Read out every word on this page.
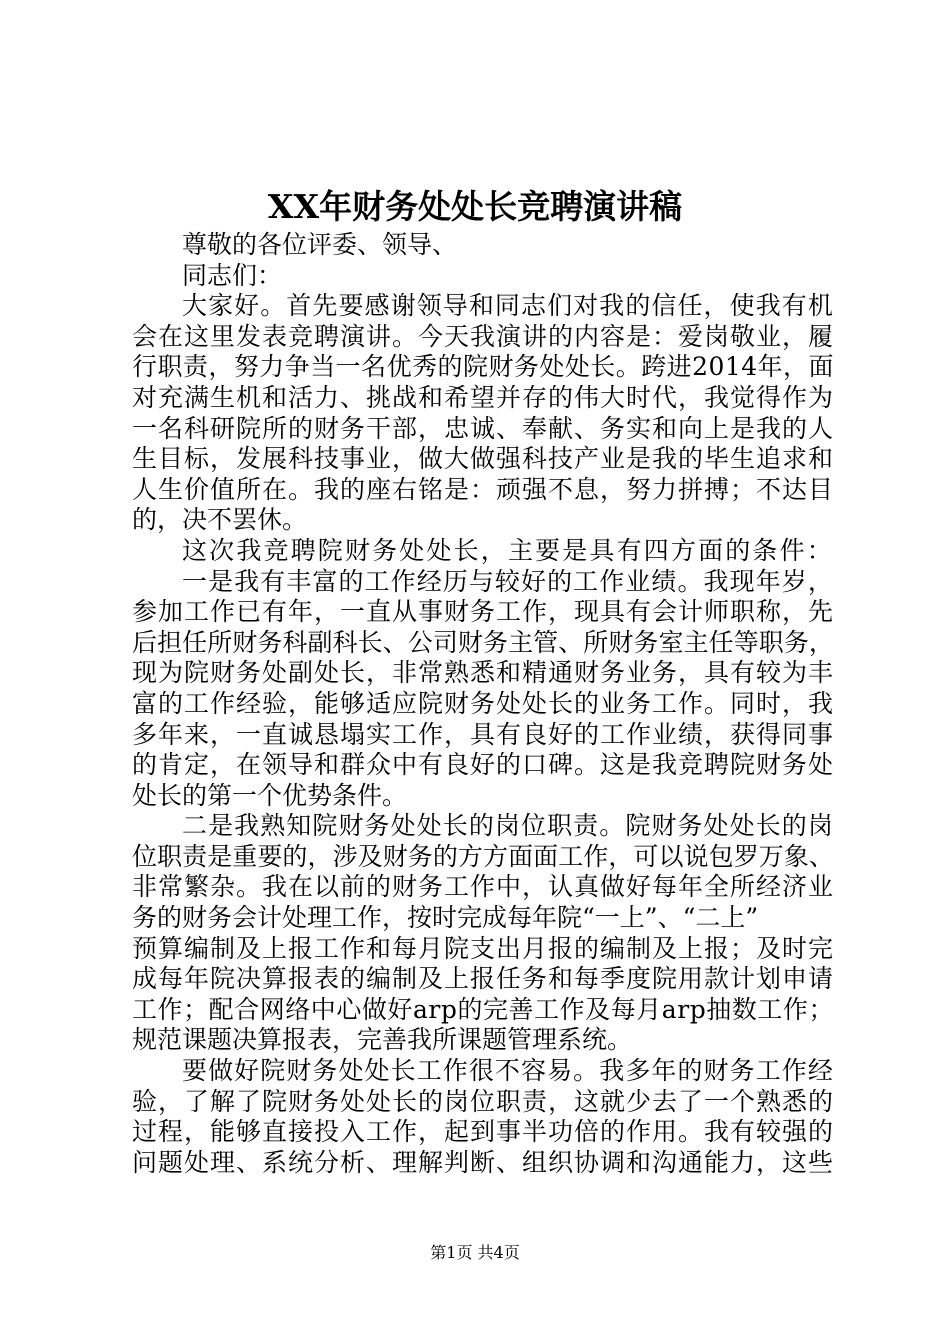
XX年财务处处长竞聘演讲稿
尊敬的各位评委、领导、
同志们：
大家好。首先要感谢领导和同志们对我的信任，使我有机
会在这里发表竞聘演讲。今天我演讲的内容是：爱岗敬业，履
行职责，努力争当一名优秀的院财务处处长。跨进2014年，面
对充满生机和活力、挑战和希望并存的伟大时代，我觉得作为
一名科研院所的财务干部，忠诚、奉献、务实和向上是我的人
生目标，发展科技事业，做大做强科技产业是我的毕生追求和
人生价值所在。我的座右铭是：顽强不息，努力拼搏；不达目
的，决不罢休。
这次我竞聘院财务处处长，主要是具有四方面的条件：
一是我有丰富的工作经历与较好的工作业绩。我现年岁，
参加工作已有年，一直从事财务工作，现具有会计师职称，先
后担任所财务科副科长、公司财务主管、所财务室主任等职务，
现为院财务处副处长，非常熟悉和精通财务业务，具有较为丰
富的工作经验，能够适应院财务处处长的业务工作。同时，我
多年来，一直诚恳塌实工作，具有良好的工作业绩，获得同事
的肯定，在领导和群众中有良好的口碑。这是我竞聘院财务处
处长的第一个优势条件。
二是我熟知院财务处处长的岗位职责。院财务处处长的岗
位职责是重要的，涉及财务的方方面面工作，可以说包罗万象、
非常繁杂。我在以前的财务工作中，认真做好每年全所经济业
务的财务会计处理工作，按时完成每年院“一上”、“二上”
预算编制及上报工作和每月院支出月报的编制及上报；及时完
成每年院决算报表的编制及上报任务和每季度院用款计划申请
工作；配合网络中心做好arp的完善工作及每月arp抽数工作；
规范课题决算报表，完善我所课题管理系统。
要做好院财务处处长工作很不容易。我多年的财务工作经
验，了解了院财务处处长的岗位职责，这就少去了一个熟悉的
过程，能够直接投入工作，起到事半功倍的作用。我有较强的
问题处理、系统分析、理解判断、组织协调和沟通能力，这些
第1页 共4页
